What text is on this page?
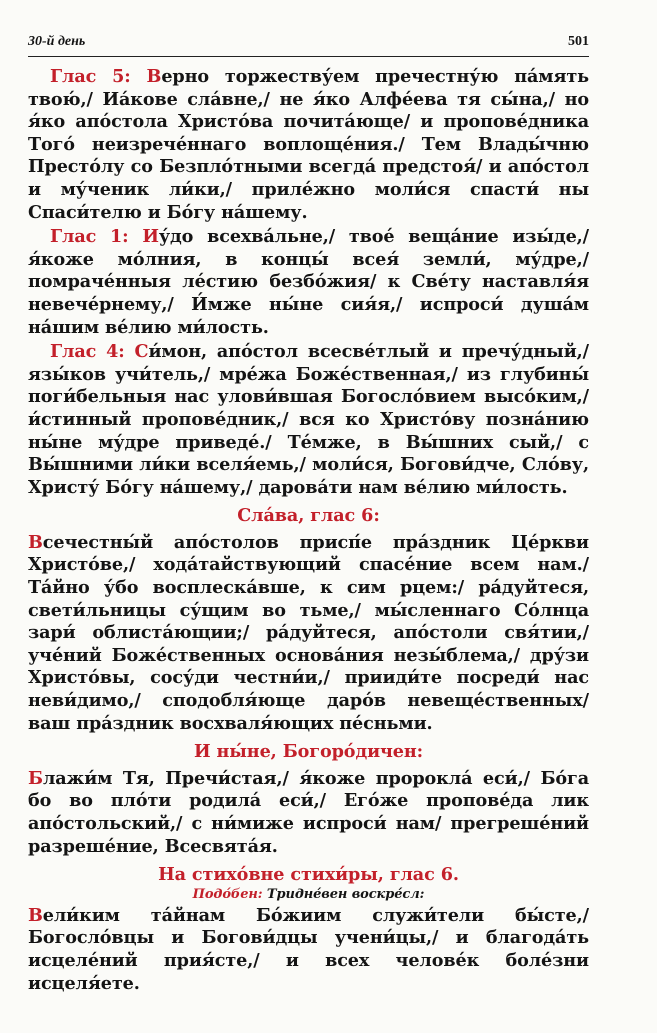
30-й день	501

Глас 5: Верно торжеству́ем пречестну́ю па́мять твою́,/ Иа́кове сла́вне,/ не я́ко Алфе́ева тя сы́на,/ но я́ко апо́стола Христо́ва почита́юще/ и пропове́дника Того́ неизрече́ннаго воплоще́ния./ Тем Влады́чню Престо́лу со Безпло́тными всегда́ предстоя́/ и апо́стол и му́ченик ли́ки,/ приле́жно моли́ся спасти́ ны Спаси́телю и Бо́гу на́шему.

Глас 1: Иу́до всехва́льне,/ твое́ веща́ние изы́де,/ я́коже мо́лния, в концы́ всея́ земли́, му́дре,/ помраче́нныя ле́стию безбо́жия/ к Све́ту наставля́я невече́рнему,/ И́мже ны́не сия́я,/ испроси́ душа́м на́шим ве́лию ми́лость.

Глас 4: Си́мон, апо́стол всесве́тлый и пречу́дный,/ язы́ков учи́тель,/ мре́жа Боже́ственная,/ из глубины́ поги́бельныя нас улови́вшая Богосло́вием высо́ким,/ и́стинный пропове́дник,/ вся ко Христо́ву позна́нию ны́не му́дре приведе́./ Те́мже, в Вы́шних сый,/ с Вы́шними ли́ки вселя́емь,/ моли́ся, Богови́дче, Сло́ву, Христу́ Бо́гу на́шему,/ дарова́ти нам ве́лию ми́лость.

Сла́ва, глас 6:

Всечестны́й апо́столов присп́е пра́здник Це́ркви Христо́ве,/ хода́тайствующий спасе́ние всем нам./ Та́йно у́бо восплеска́вше, к сим рцем:/ ра́дуйтеся, свети́льницы су́щим во тьме,/ мы́сленнаго Со́лнца зари́ облиста́ющии;/ ра́дуйтеся, апо́столи свя́тии,/ уче́ний Боже́ственных основа́ния незы́блема,/ дру́зи Христо́вы, сосу́ди честни́и,/ прииди́те посреди́ нас неви́димо,/ сподобля́юще даро́в невеще́ственных/ ваш пра́здник восхваля́ющих пе́сньми.

И ны́не, Богоро́дичен:

Блажи́м Тя, Пречи́стая,/ я́коже пророкла́ еси́,/ Бо́га бо во пло́ти родила́ еси́,/ Его́же пропове́да лик апо́стольский,/ с ни́миже испроси́ нам/ прегреше́ний разреше́ние, Всесвята́я.

На стихо́вне стихи́ры, глас 6.
Подо́бен: Тридне́вен воскре́сл:

Вели́ким та́йнам Бо́жиим служи́тели бы́сте,/ Богосло́вцы и Богови́дцы учени́цы,/ и благода́ть исцеле́ний прия́сте,/ и всех челове́к боле́зни исцеля́ете.
